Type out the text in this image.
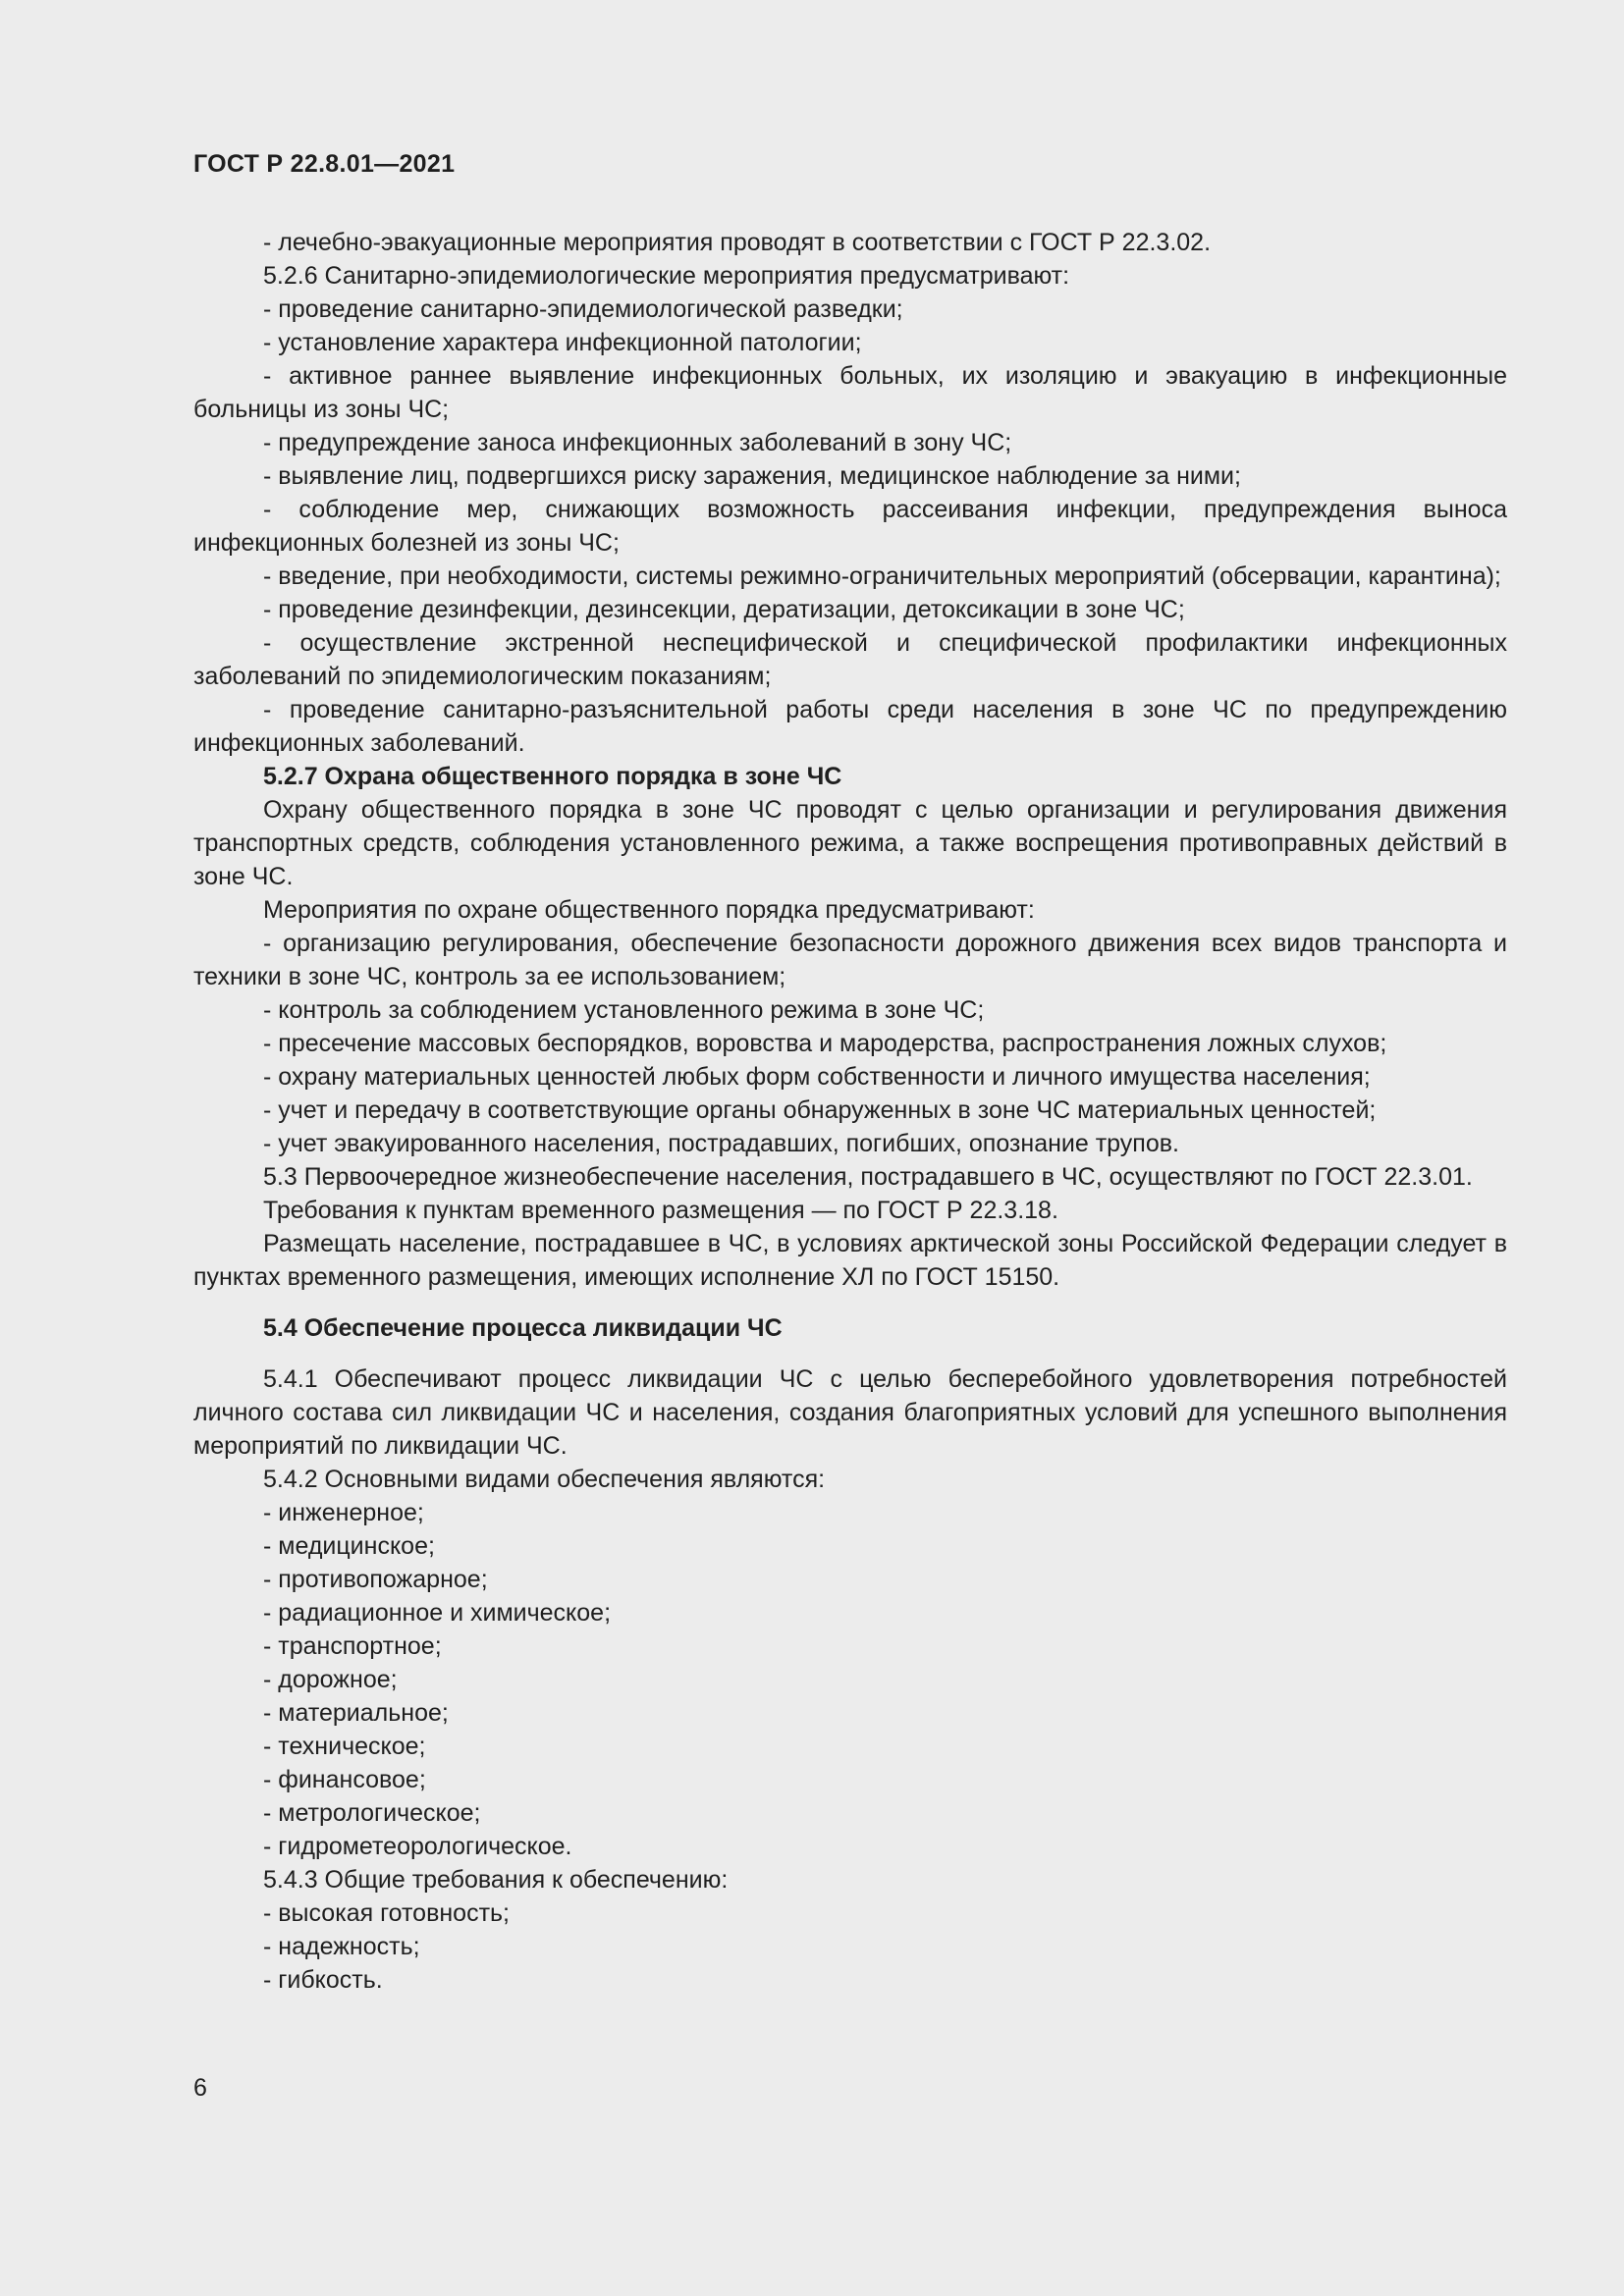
ГОСТ Р 22.8.01—2021

- лечебно-эвакуационные мероприятия проводят в соответствии с ГОСТ Р 22.3.02.

5.2.6 Санитарно-эпидемиологические мероприятия предусматривают:

- проведение санитарно-эпидемиологической разведки;

- установление характера инфекционной патологии;

- активное раннее выявление инфекционных больных, их изоляцию и эвакуацию в инфекционные больницы из зоны ЧС;

- предупреждение заноса инфекционных заболеваний в зону ЧС;

- выявление лиц, подвергшихся риску заражения, медицинское наблюдение за ними;

- соблюдение мер, снижающих возможность рассеивания инфекции, предупреждения выноса инфекционных болезней из зоны ЧС;

- введение, при необходимости, системы режимно-ограничительных мероприятий (обсервации, карантина);

- проведение дезинфекции, дезинсекции, дератизации, детоксикации в зоне ЧС;

- осуществление экстренной неспецифической и специфической профилактики инфекционных заболеваний по эпидемиологическим показаниям;

- проведение санитарно-разъяснительной работы среди населения в зоне ЧС по предупреждению инфекционных заболеваний.

5.2.7 Охрана общественного порядка в зоне ЧС

Охрану общественного порядка в зоне ЧС проводят с целью организации и регулирования движения транспортных средств, соблюдения установленного режима, а также воспрещения противоправных действий в зоне ЧС.

Мероприятия по охране общественного порядка предусматривают:

- организацию регулирования, обеспечение безопасности дорожного движения всех видов транспорта и техники в зоне ЧС, контроль за ее использованием;

- контроль за соблюдением установленного режима в зоне ЧС;

- пресечение массовых беспорядков, воровства и мародерства, распространения ложных слухов;

- охрану материальных ценностей любых форм собственности и личного имущества населения;

- учет и передачу в соответствующие органы обнаруженных в зоне ЧС материальных ценностей;

- учет эвакуированного населения, пострадавших, погибших, опознание трупов.

5.3 Первоочередное жизнеобеспечение населения, пострадавшего в ЧС, осуществляют по ГОСТ 22.3.01.

Требования к пунктам временного размещения — по ГОСТ Р 22.3.18.

Размещать население, пострадавшее в ЧС, в условиях арктической зоны Российской Федерации следует в пунктах временного размещения, имеющих исполнение ХЛ по ГОСТ 15150.

5.4 Обеспечение процесса ликвидации ЧС

5.4.1 Обеспечивают процесс ликвидации ЧС с целью бесперебойного удовлетворения потребностей личного состава сил ликвидации ЧС и населения, создания благоприятных условий для успешного выполнения мероприятий по ликвидации ЧС.

5.4.2 Основными видами обеспечения являются:

- инженерное;

- медицинское;

- противопожарное;

- радиационное и химическое;

- транспортное;

- дорожное;

- материальное;

- техническое;

- финансовое;

- метрологическое;

- гидрометеорологическое.

5.4.3 Общие требования к обеспечению:

- высокая готовность;

- надежность;

- гибкость.

6
